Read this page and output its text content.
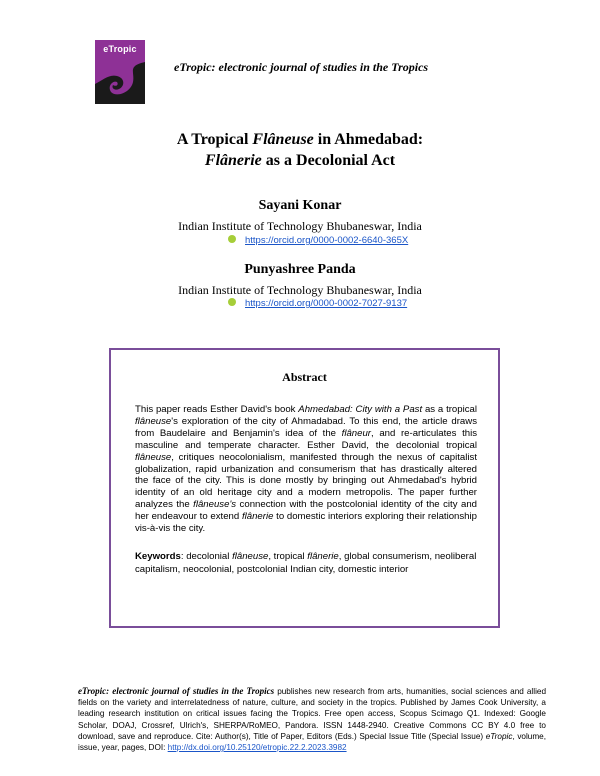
eTropic
eTropic: electronic journal of studies in the Tropics
A Tropical Flâneuse in Ahmedabad:
Flânerie as a Decolonial Act
Sayani Konar
Indian Institute of Technology Bhubaneswar, India
https://orcid.org/0000-0002-6640-365X
Punyashree Panda
Indian Institute of Technology Bhubaneswar, India
https://orcid.org/0000-0002-7027-9137
Abstract
This paper reads Esther David's book Ahmedabad: City with a Past as a tropical flâneuse's exploration of the city of Ahmadabad. To this end, the article draws from Baudelaire and Benjamin's idea of the flâneur, and re-articulates this masculine and temperate character. Esther David, the decolonial tropical flâneuse, critiques neocolonialism, manifested through the nexus of capitalist globalization, rapid urbanization and consumerism that has drastically altered the face of the city. This is done mostly by bringing out Ahmedabad's hybrid identity of an old heritage city and a modern metropolis. The paper further analyzes the flâneuse's connection with the postcolonial identity of the city and her endeavour to extend flânerie to domestic interiors exploring their relationship vis-à-vis the city.
Keywords: decolonial flâneuse, tropical flânerie, global consumerism, neoliberal capitalism, neocolonial, postcolonial Indian city, domestic interior
eTropic: electronic journal of studies in the Tropics publishes new research from arts, humanities, social sciences and allied fields on the variety and interrelatedness of nature, culture, and society in the tropics. Published by James Cook University, a leading research institution on critical issues facing the Tropics. Free open access, Scopus Scimago Q1. Indexed: Google Scholar, DOAJ, Crossref, Ulrich's, SHERPA/RoMEO, Pandora. ISSN 1448-2940. Creative Commons CC BY 4.0 free to download, save and reproduce. Cite: Author(s), Title of Paper, Editors (Eds.) Special Issue Title (Special Issue) eTropic, volume, issue, year, pages, DOI: http://dx.doi.org/10.25120/etropic.22.2.2023.3982
